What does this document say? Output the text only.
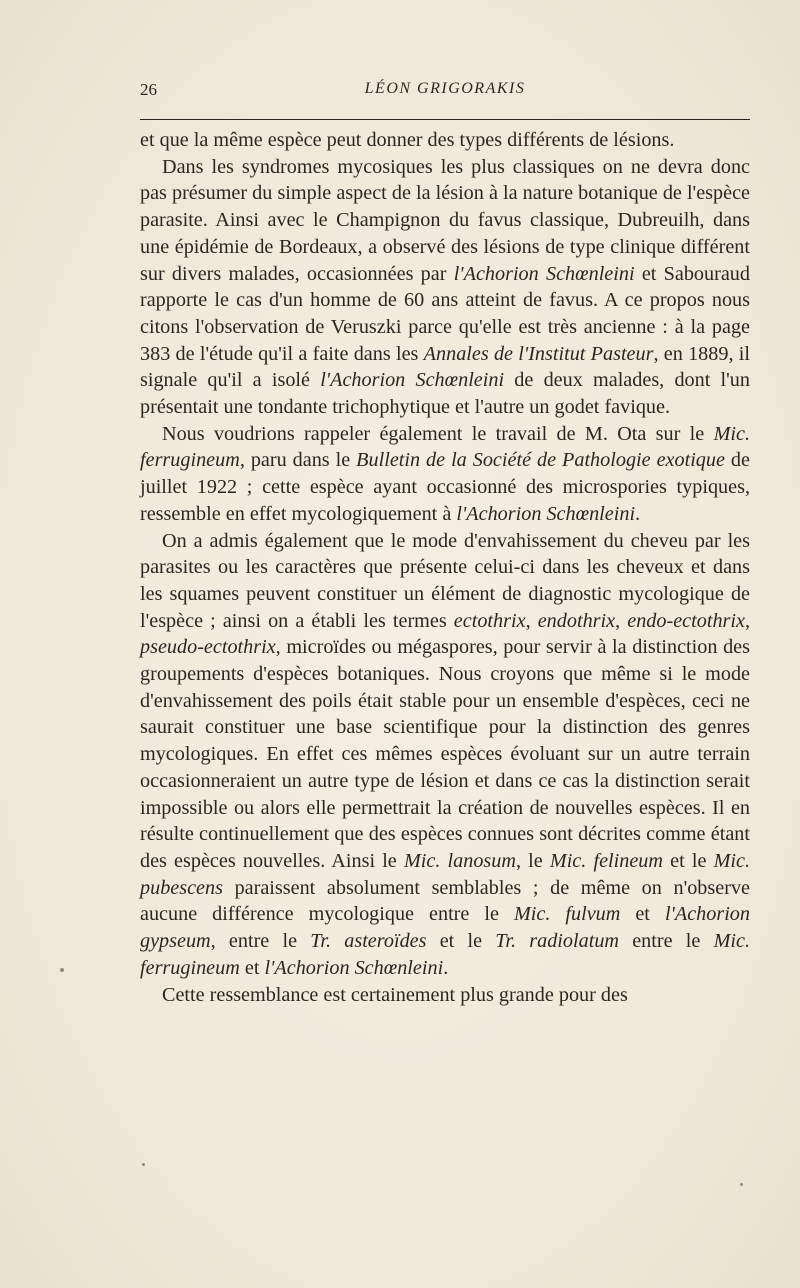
26	LÉON GRIGORAKIS

et que la même espèce peut donner des types différents de lésions.

Dans les syndromes mycosiques les plus classiques on ne devra donc pas présumer du simple aspect de la lésion à la nature botanique de l'espèce parasite. Ainsi avec le Champignon du favus classique, Dubreuilh, dans une épidémie de Bordeaux, a observé des lésions de type clinique différent sur divers malades, occasionnées par l'Achorion Schœnleini et Sabouraud rapporte le cas d'un homme de 60 ans atteint de favus. A ce propos nous citons l'observation de Veruszki parce qu'elle est très ancienne : à la page 383 de l'étude qu'il a faite dans les Annales de l'Institut Pasteur, en 1889, il signale qu'il a isolé l'Achorion Schœnleini de deux malades, dont l'un présentait une tondante trichophytique et l'autre un godet favique.

Nous voudrions rappeler également le travail de M. Ota sur le Mic. ferrugineum, paru dans le Bulletin de la Société de Pathologie exotique de juillet 1922 ; cette espèce ayant occasionné des microspories typiques, ressemble en effet mycologiquement à l'Achorion Schœnleini.

On a admis également que le mode d'envahissement du cheveu par les parasites ou les caractères que présente celui-ci dans les cheveux et dans les squames peuvent constituer un élément de diagnostic mycologique de l'espèce ; ainsi on a établi les termes ectothrix, endothrix, endo-ectothrix, pseudo-ectothrix, microïdes ou mégaspores, pour servir à la distinction des groupements d'espèces botaniques. Nous croyons que même si le mode d'envahissement des poils était stable pour un ensemble d'espèces, ceci ne saurait constituer une base scientifique pour la distinction des genres mycologiques. En effet ces mêmes espèces évoluant sur un autre terrain occasionneraient un autre type de lésion et dans ce cas la distinction serait impossible ou alors elle permettrait la création de nouvelles espèces. Il en résulte continuellement que des espèces connues sont décrites comme étant des espèces nouvelles. Ainsi le Mic. lanosum, le Mic. felineum et le Mic. pubescens paraissent absolument semblables ; de même on n'observe aucune différence mycologique entre le Mic. fulvum et l'Achorion gypseum, entre le Tr. asteroïdes et le Tr. radiolatum entre le Mic. ferrugineum et l'Achorion Schœnleini.

Cette ressemblance est certainement plus grande pour des
